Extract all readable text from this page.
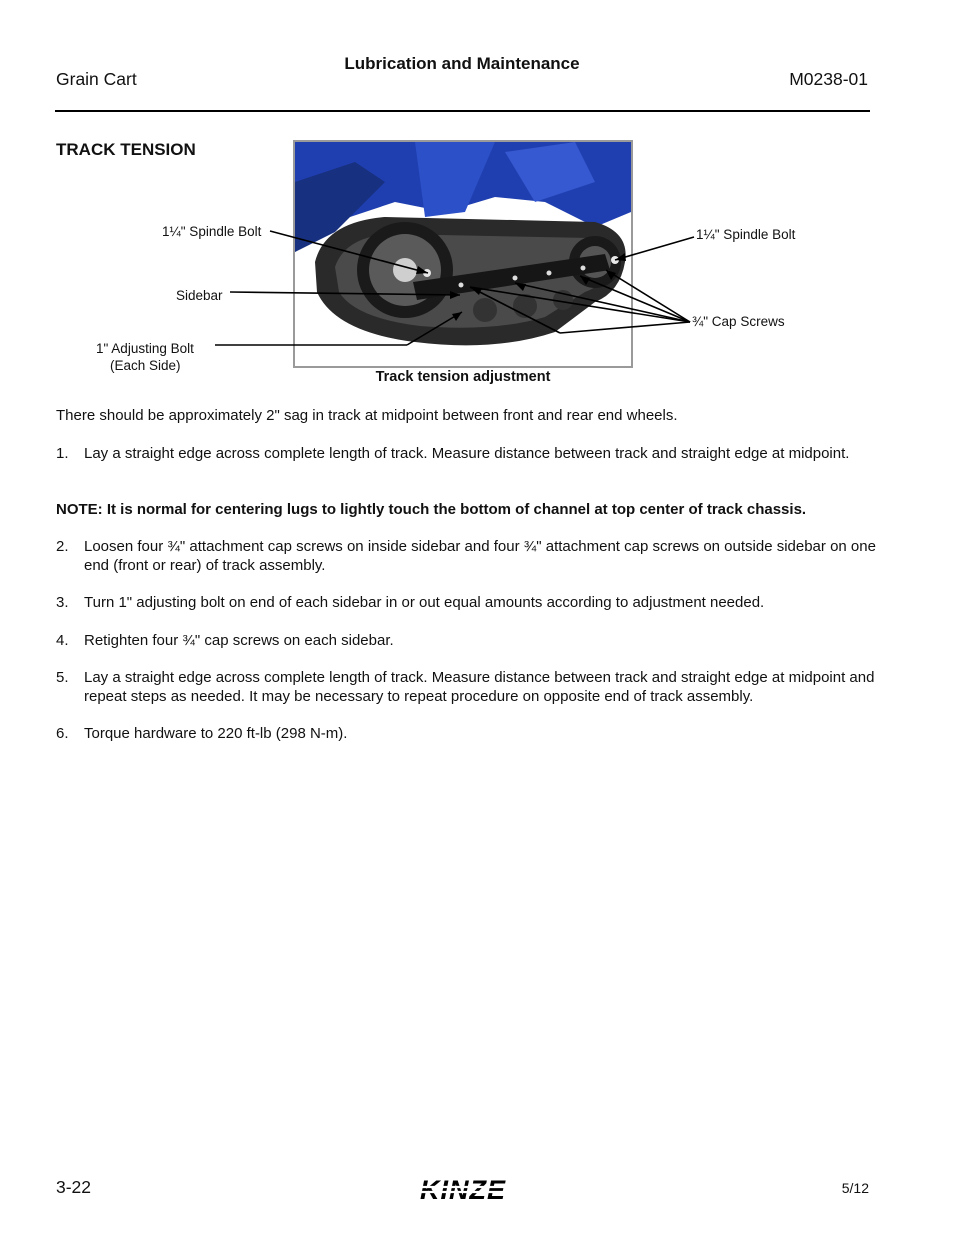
Lubrication and Maintenance
Grain Cart	M0238-01
TRACK TENSION
1¼" Spindle Bolt	1¼" Spindle Bolt
Sidebar
1" Adjusting Bolt
(Each Side)
¾" Cap Screws
Track tension adjustment
There should be approximately 2" sag in track at midpoint between front and rear end wheels.
1. Lay a straight edge across complete length of track. Measure distance between track and straight edge at midpoint.
NOTE: It is normal for centering lugs to lightly touch the bottom of channel at top center of track chassis.
2. Loosen four ¾" attachment cap screws on inside sidebar and four ¾" attachment cap screws on outside sidebar on one end (front or rear) of track assembly.
3. Turn 1" adjusting bolt on end of each sidebar in or out equal amounts according to adjustment needed.
4. Retighten four ¾" cap screws on each sidebar.
5. Lay a straight edge across complete length of track. Measure distance between track and straight edge at midpoint and repeat steps as needed. It may be necessary to repeat procedure on opposite end of track assembly.
6. Torque hardware to 220 ft-lb (298 N-m).
3-22	KINZE	5/12
